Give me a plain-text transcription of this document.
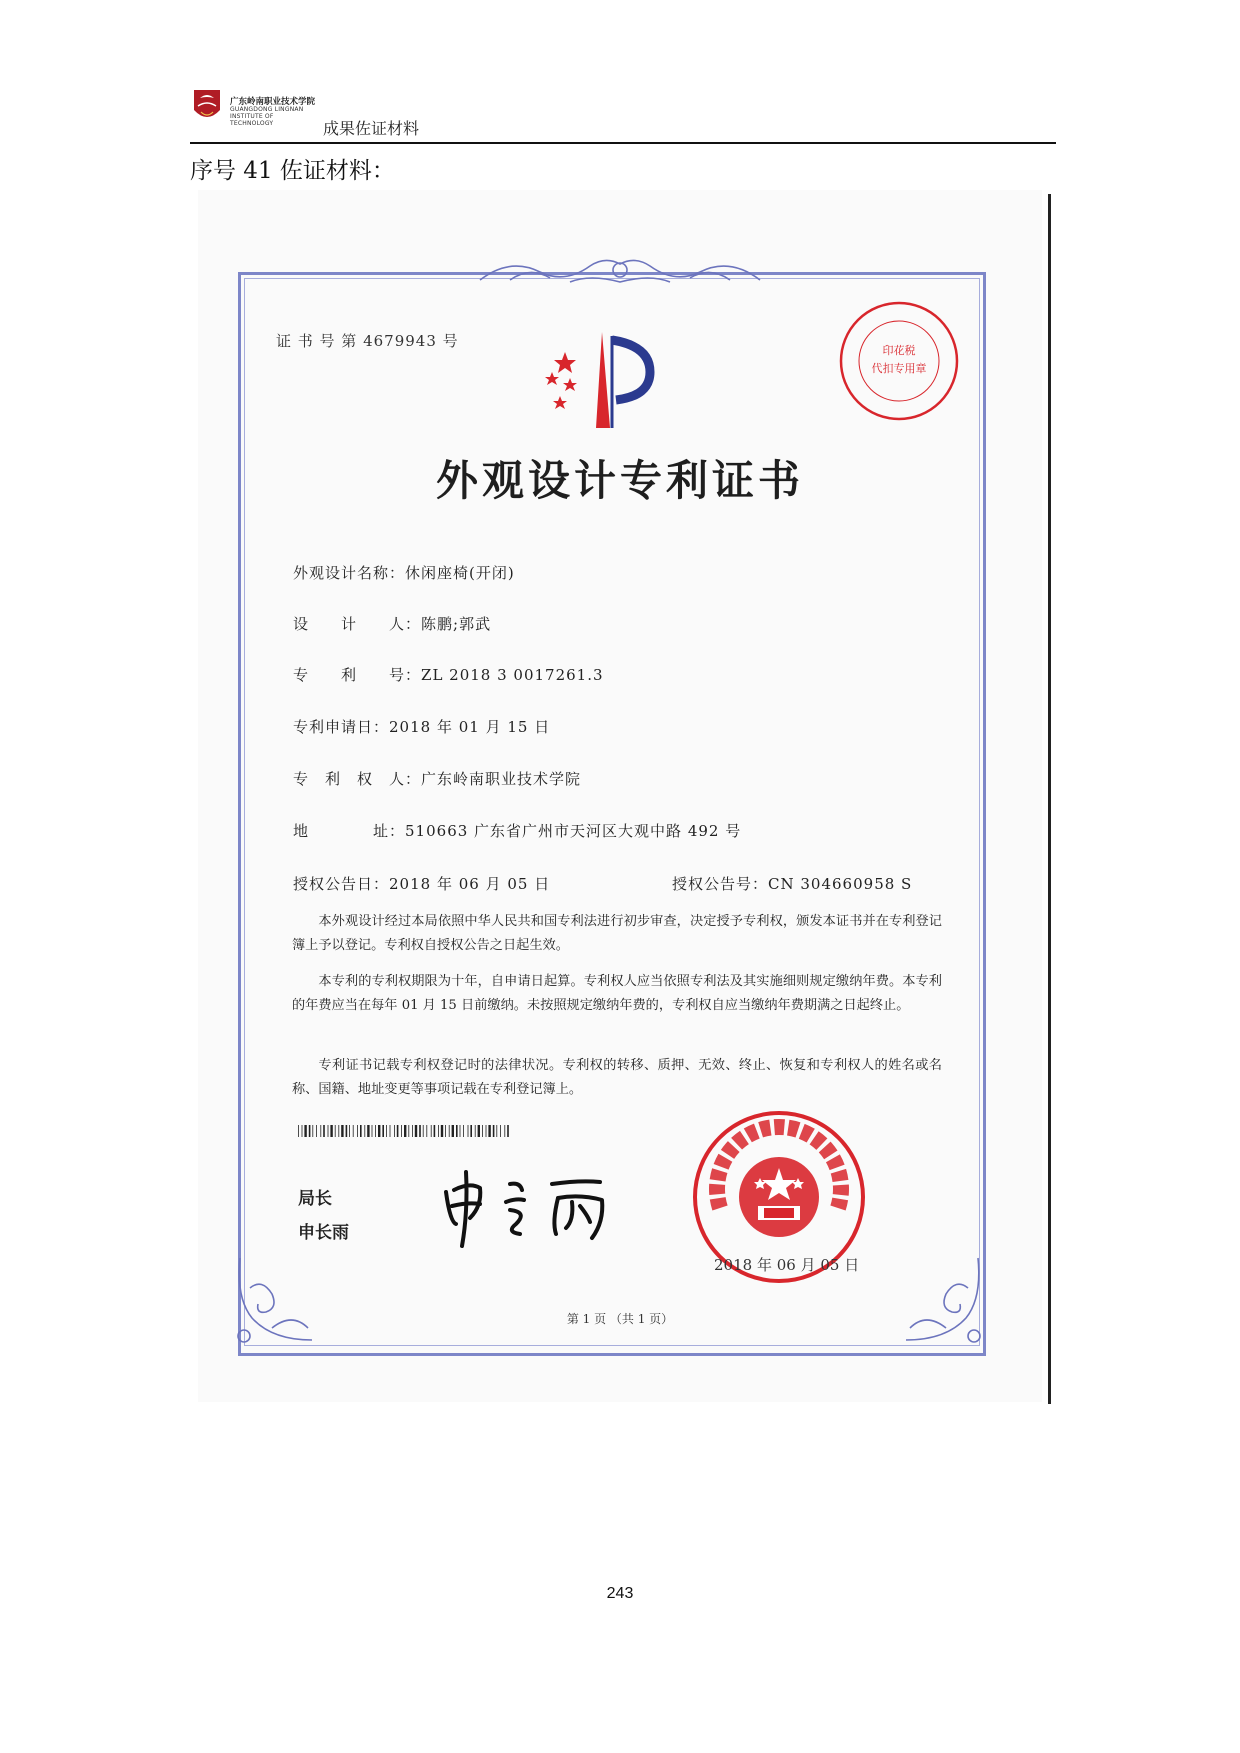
广东岭南职业技术学院
GUANGDONG LINGNAN INSTITUTE OF TECHNOLOGY	成果佐证材料
序号 41 佐证材料：
证 书 号 第 4679943 号
印花税
代扣专用章
外观设计专利证书
外观设计名称：休闲座椅(开闭)
设　　计　　人：陈鹏;郭武
专　　利　　号：ZL 2018 3 0017261.3
专利申请日：2018 年 01 月 15 日
专　利　权　人：广东岭南职业技术学院
地　　　　址：510663 广东省广州市天河区大观中路 492 号
授权公告日：2018 年 06 月 05 日	授权公告号：CN 304660958 S
本外观设计经过本局依照中华人民共和国专利法进行初步审查，决定授予专利权，颁发本证书并在专利登记簿上予以登记。专利权自授权公告之日起生效。
本专利的专利权期限为十年，自申请日起算。专利权人应当依照专利法及其实施细则规定缴纳年费。本专利的年费应当在每年 01 月 15 日前缴纳。未按照规定缴纳年费的，专利权自应当缴纳年费期满之日起终止。
专利证书记载专利权登记时的法律状况。专利权的转移、质押、无效、终止、恢复和专利权人的姓名或名称、国籍、地址变更等事项记载在专利登记簿上。
局长
申长雨
2018 年 06 月 05 日
第 1 页 （共 1 页）
243
